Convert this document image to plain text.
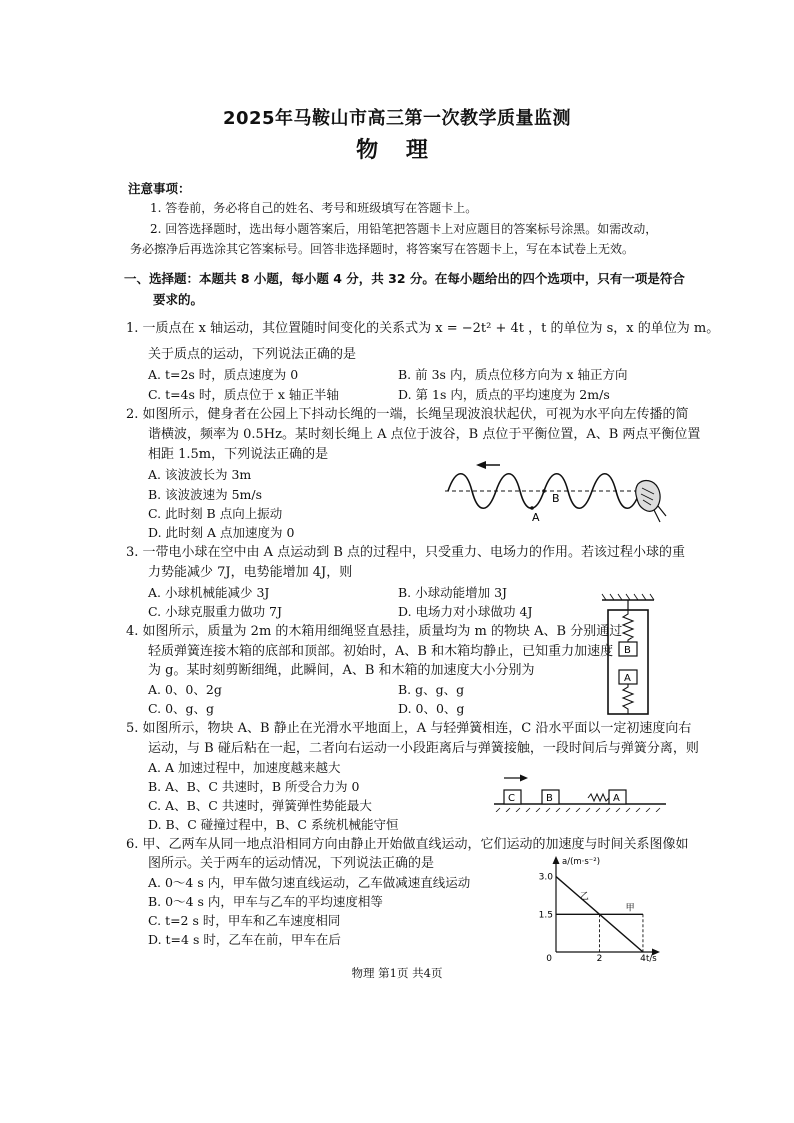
2025年马鞍山市高三第一次教学质量监测
物 理
注意事项：
1. 答卷前，务必将自己的姓名、考号和班级填写在答题卡上。
2. 回答选择题时，选出每小题答案后，用铅笔把答题卡上对应题目的答案标号涂黑。如需改动，
务必擦净后再选涂其它答案标号。回答非选择题时，将答案写在答题卡上，写在本试卷上无效。
一、选择题：本题共 8 小题，每小题 4 分，共 32 分。在每小题给出的四个选项中，只有一项是符合
要求的。
1. 一质点在 x 轴运动，其位置随时间变化的关系式为 x = −2t² + 4t ，t 的单位为 s，x 的单位为 m。
关于质点的运动，下列说法正确的是
A. t=2s 时，质点速度为 0	B. 前 3s 内，质点位移方向为 x 轴正方向
C. t=4s 时，质点位于 x 轴正半轴	D. 第 1s 内，质点的平均速度为 2m/s
2. 如图所示，健身者在公园上下抖动长绳的一端，长绳呈现波浪状起伏，可视为水平向左传播的简
谐横波，频率为 0.5Hz。某时刻长绳上 A 点位于波谷，B 点位于平衡位置，A、B 两点平衡位置
相距 1.5m，下列说法正确的是
A. 该波波长为 3m
B. 该波波速为 5m/s
C. 此时刻 B 点向上振动
D. 此时刻 A 点加速度为 0
B
A
3. 一带电小球在空中由 A 点运动到 B 点的过程中，只受重力、电场力的作用。若该过程小球的重
力势能减少 7J，电势能增加 4J，则
A. 小球机械能减少 3J	B. 小球动能增加 3J
C. 小球克服重力做功 7J	D. 电场力对小球做功 4J
4. 如图所示，质量为 2m 的木箱用细绳竖直悬挂，质量均为 m 的物块 A、B 分别通过
轻质弹簧连接木箱的底部和顶部。初始时，A、B 和木箱均静止，已知重力加速度
为 g。某时刻剪断细绳，此瞬间，A、B 和木箱的加速度大小分别为
A. 0、0、2g	B. g、g、g
C. 0、g、g	D. 0、0、g
B
A
5. 如图所示，物块 A、B 静止在光滑水平地面上，A 与轻弹簧相连，C 沿水平面以一定初速度向右
运动，与 B 碰后粘在一起，二者向右运动一小段距离后与弹簧接触，一段时间后与弹簧分离，则
A. A 加速过程中，加速度越来越大
B. A、B、C 共速时，B 所受合力为 0
C. A、B、C 共速时，弹簧弹性势能最大
D. B、C 碰撞过程中，B、C 系统机械能守恒
C	B	A
6. 甲、乙两车从同一地点沿相同方向由静止开始做直线运动，它们运动的加速度与时间关系图像如
图所示。关于两车的运动情况，下列说法正确的是
A. 0～4 s 内，甲车做匀速直线运动，乙车做减速直线运动
B. 0～4 s 内，甲车与乙车的平均速度相等
C. t=2 s 时，甲车和乙车速度相同
D. t=4 s 时，乙车在前，甲车在后
a/(m·s⁻²)
t/s
0
1.5
3.0
2	4
甲
乙
物理 第1页 共4页
